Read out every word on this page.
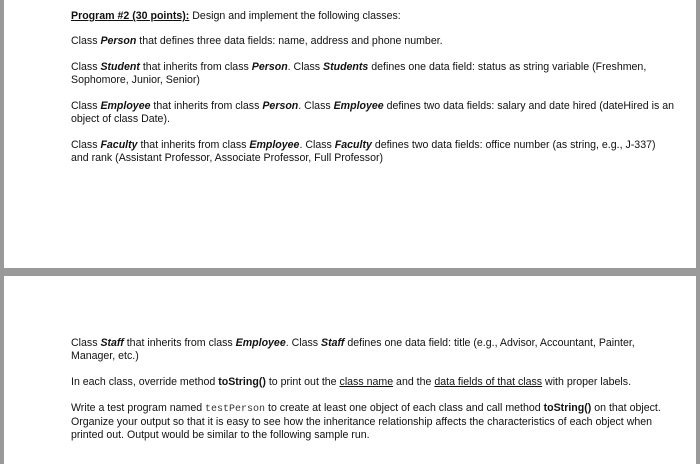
Program #2 (30 points): Design and implement the following classes:

Class Person that defines three data fields: name, address and phone number.

Class Student that inherits from class Person. Class Students defines one data field: status as string variable (Freshmen, Sophomore, Junior, Senior)

Class Employee that inherits from class Person. Class Employee defines two data fields: salary and date hired (dateHired is an object of class Date).

Class Faculty that inherits from class Employee. Class Faculty defines two data fields: office number (as string, e.g., J-337) and rank (Assistant Professor, Associate Professor, Full Professor)

Class Staff that inherits from class Employee. Class Staff defines one data field: title (e.g., Advisor, Accountant, Painter, Manager, etc.)

In each class, override method toString() to print out the class name and the data fields of that class with proper labels.

Write a test program named testPerson to create at least one object of each class and call method toString() on that object. Organize your output so that it is easy to see how the inheritance relationship affects the characteristics of each object when printed out. Output would be similar to the following sample run.
